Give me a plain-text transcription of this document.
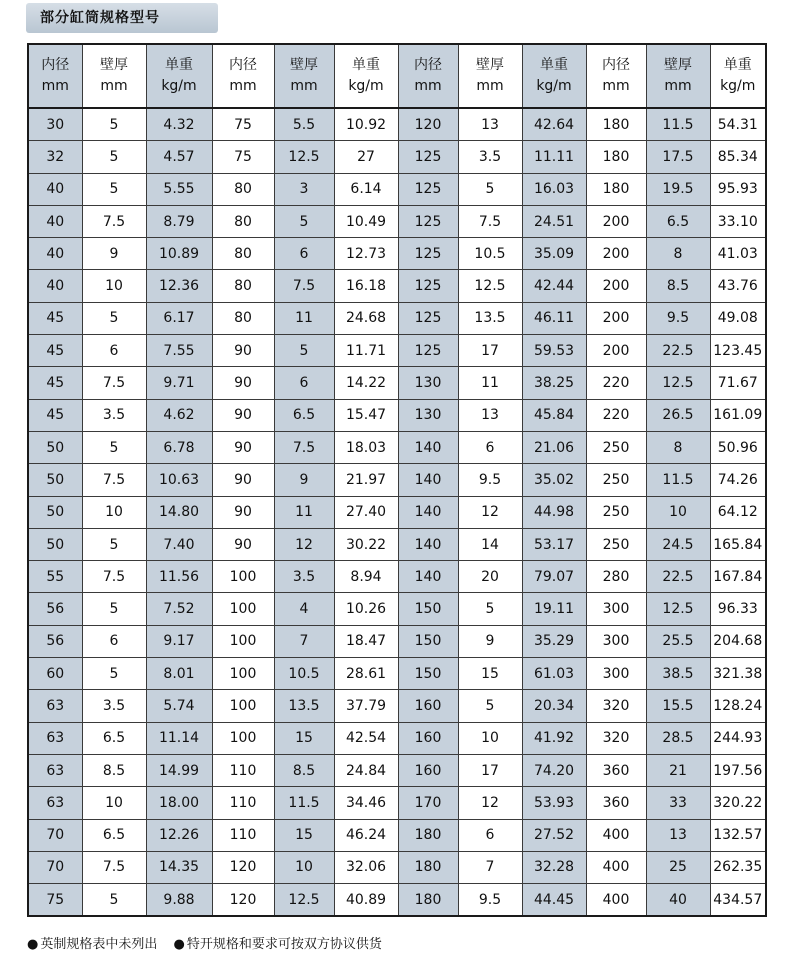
部分缸筒规格型号
内径
mm	壁厚
mm	单重
kg/m	内径
mm	壁厚
mm	单重
kg/m	内径
mm	壁厚
mm	单重
kg/m	内径
mm	壁厚
mm	单重
kg/m

30	5	4.32	75	5.5	10.92	120	13	42.64	180	11.5	54.31
32	5	4.57	75	12.5	27	125	3.5	11.11	180	17.5	85.34
40	5	5.55	80	3	6.14	125	5	16.03	180	19.5	95.93
40	7.5	8.79	80	5	10.49	125	7.5	24.51	200	6.5	33.10
40	9	10.89	80	6	12.73	125	10.5	35.09	200	8	41.03
40	10	12.36	80	7.5	16.18	125	12.5	42.44	200	8.5	43.76
45	5	6.17	80	11	24.68	125	13.5	46.11	200	9.5	49.08
45	6	7.55	90	5	11.71	125	17	59.53	200	22.5	123.45
45	7.5	9.71	90	6	14.22	130	11	38.25	220	12.5	71.67
45	3.5	4.62	90	6.5	15.47	130	13	45.84	220	26.5	161.09
50	5	6.78	90	7.5	18.03	140	6	21.06	250	8	50.96
50	7.5	10.63	90	9	21.97	140	9.5	35.02	250	11.5	74.26
50	10	14.80	90	11	27.40	140	12	44.98	250	10	64.12
50	5	7.40	90	12	30.22	140	14	53.17	250	24.5	165.84
55	7.5	11.56	100	3.5	8.94	140	20	79.07	280	22.5	167.84
56	5	7.52	100	4	10.26	150	5	19.11	300	12.5	96.33
56	6	9.17	100	7	18.47	150	9	35.29	300	25.5	204.68
60	5	8.01	100	10.5	28.61	150	15	61.03	300	38.5	321.38
63	3.5	5.74	100	13.5	37.79	160	5	20.34	320	15.5	128.24
63	6.5	11.14	100	15	42.54	160	10	41.92	320	28.5	244.93
63	8.5	14.99	110	8.5	24.84	160	17	74.20	360	21	197.56
63	10	18.00	110	11.5	34.46	170	12	53.93	360	33	320.22
70	6.5	12.26	110	15	46.24	180	6	27.52	400	13	132.57
70	7.5	14.35	120	10	32.06	180	7	32.28	400	25	262.35
75	5	9.88	120	12.5	40.89	180	9.5	44.45	400	40	434.57
● 英制规格表中未列出 ● 特开规格和要求可按双方协议供货
